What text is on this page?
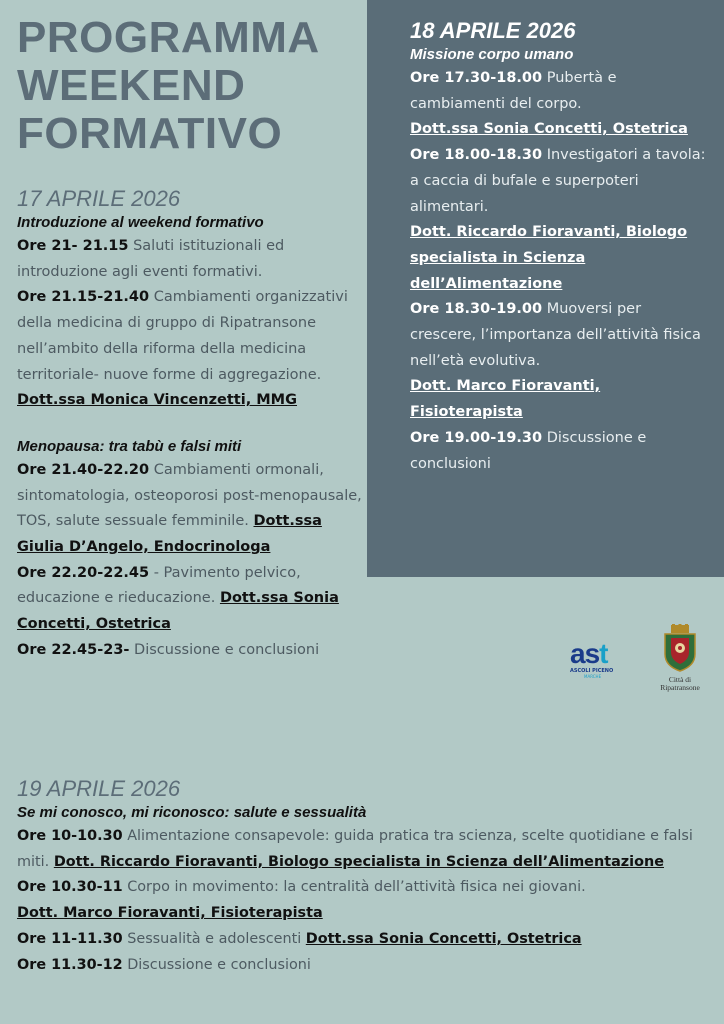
PROGRAMMA
WEEKEND
FORMATIVO
17 APRILE 2026

Introduzione al weekend formativo

Ore 21- 21.15 Saluti istituzionali ed introduzione agli eventi formativi.

Ore 21.15-21.40 Cambiamenti organizzativi della medicina di gruppo di Ripatransone nell’ambito della riforma della medicina territoriale- nuove forme di aggregazione. Dott.ssa Monica Vincenzetti, MMG

Menopausa: tra tabù e falsi miti

Ore 21.40-22.20 Cambiamenti ormonali, sintomatologia, osteoporosi post-menopausale, TOS, salute sessuale femminile. Dott.ssa Giulia D’Angelo, Endocrinologa

Ore 22.20-22.45 - Pavimento pelvico, educazione e rieducazione. Dott.ssa Sonia Concetti, Ostetrica

Ore 22.45-23- Discussione e conclusioni

18 APRILE 2026

Missione corpo umano

Ore 17.30-18.00 Pubertà e cambiamenti del corpo.

Dott.ssa Sonia Concetti, Ostetrica

Ore 18.00-18.30 Investigatori a tavola: a caccia di bufale e superpoteri alimentari.

Dott. Riccardo Fioravanti, Biologo specialista in Scienza dell’Alimentazione

Ore 18.30-19.00 Muoversi per crescere, l’importanza dell’attività fisica nell’età evolutiva.

Dott. Marco Fioravanti, Fisioterapista

Ore 19.00-19.30 Discussione e conclusioni

ast
ASCOLI PICENO
MARCHE	Città di
Ripatransone
19 APRILE 2026

Se mi conosco, mi riconosco: salute e sessualità

Ore 10-10.30 Alimentazione consapevole: guida pratica tra scienza, scelte quotidiane e falsi miti. Dott. Riccardo Fioravanti, Biologo specialista in Scienza dell’Alimentazione

Ore 10.30-11 Corpo in movimento: la centralità dell’attività fisica nei giovani.

Dott. Marco Fioravanti, Fisioterapista

Ore 11-11.30 Sessualità e adolescenti Dott.ssa Sonia Concetti, Ostetrica

Ore 11.30-12 Discussione e conclusioni
